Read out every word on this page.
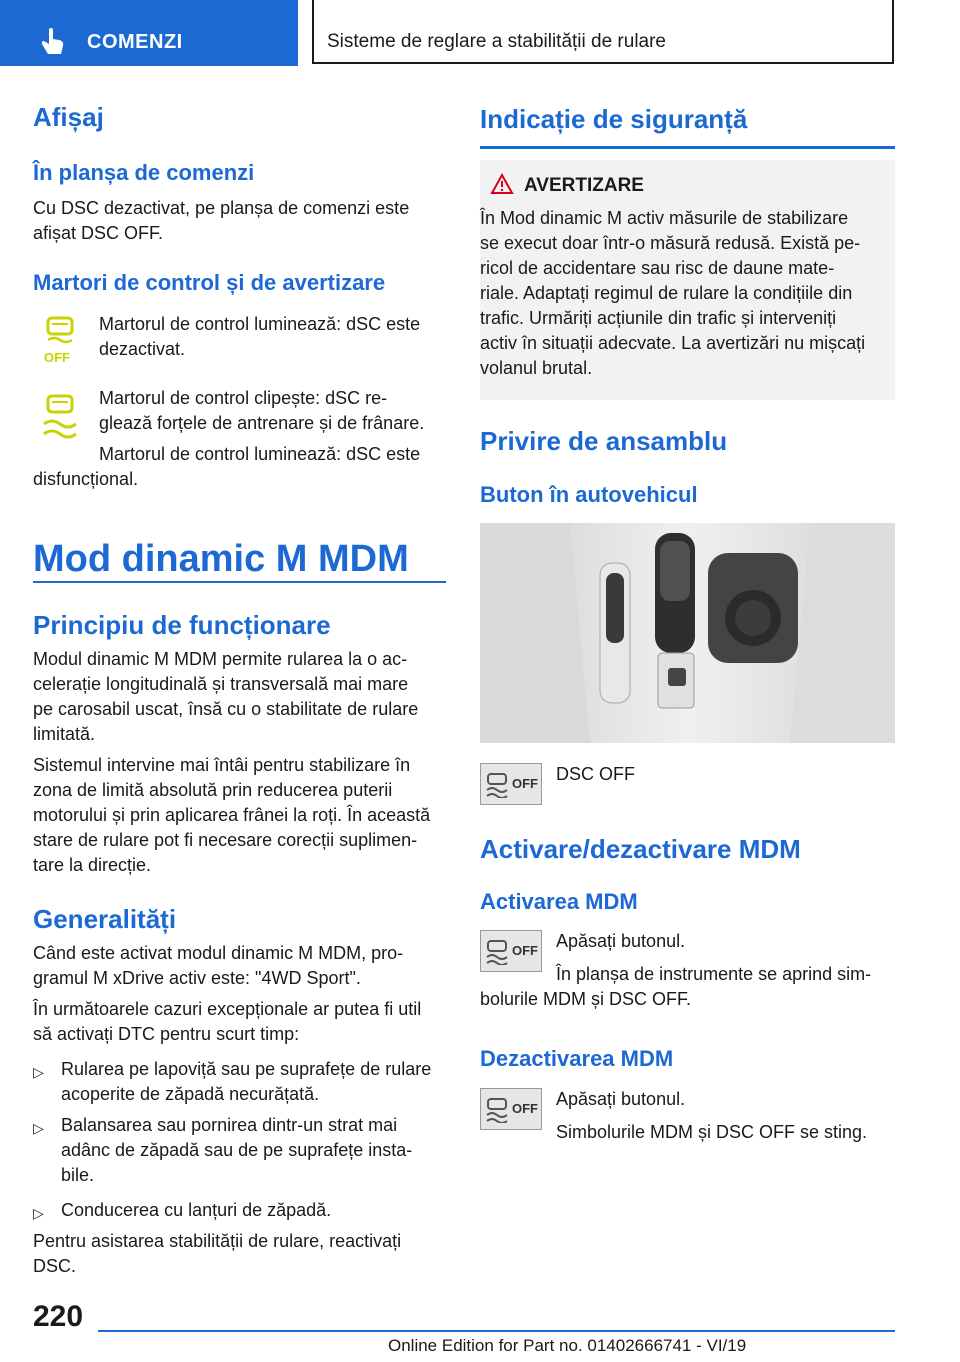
COMENZI	Sisteme de reglare a stabilității de rulare
Afișaj
În planșa de comenzi
Cu DSC dezactivat, pe planșa de comenzi este
afișat DSC OFF.
Martori de control și de avertizare
OFF
Martorul de control luminează: dSC este
dezactivat.
Martorul de control clipește: dSC re-
glează forțele de antrenare și de frânare.
Martorul de control luminează: dSC este
disfuncțional.
Mod dinamic M MDM
Principiu de funcționare
Modul dinamic M MDM permite rularea la o ac-
celerație longitudinală și transversală mai mare
pe carosabil uscat, însă cu o stabilitate de rulare
limitată.
Sistemul intervine mai întâi pentru stabilizare în
zona de limită absolută prin reducerea puterii
motorului și prin aplicarea frânei la roți. În această
stare de rulare pot fi necesare corecții suplimen-
tare la direcție.
Generalități
Când este activat modul dinamic M MDM, pro-
gramul M xDrive activ este: "4WD Sport".
În următoarele cazuri excepționale ar putea fi util
să activați DTC pentru scurt timp:
▷ Rularea pe lapoviță sau pe suprafețe de rulare
acoperite de zăpadă necurățată.
▷ Balansarea sau pornirea dintr-un strat mai
adânc de zăpadă sau de pe suprafețe insta-
bile.
▷ Conducerea cu lanțuri de zăpadă.
Pentru asistarea stabilității de rulare, reactivați
DSC.
Indicație de siguranță
AVERTIZARE
În Mod dinamic M activ măsurile de stabilizare
se execut doar într-o măsură redusă. Există pe-
ricol de accidentare sau risc de daune mate-
riale. Adaptați regimul de rulare la condițiile din
trafic. Urmăriți acțiunile din trafic și interveniți
activ în situații adecvate. La avertizări nu mișcați
volanul brutal.
Privire de ansamblu
Buton în autovehicul
OFF DSC OFF
Activare/dezactivare MDM
Activarea MDM
OFF Apăsați butonul.
În planșa de instrumente se aprind sim-
bolurile MDM și DSC OFF.
Dezactivarea MDM
OFF Apăsați butonul.
Simbolurile MDM și DSC OFF se sting.
220
Online Edition for Part no. 01402666741 - VI/19
